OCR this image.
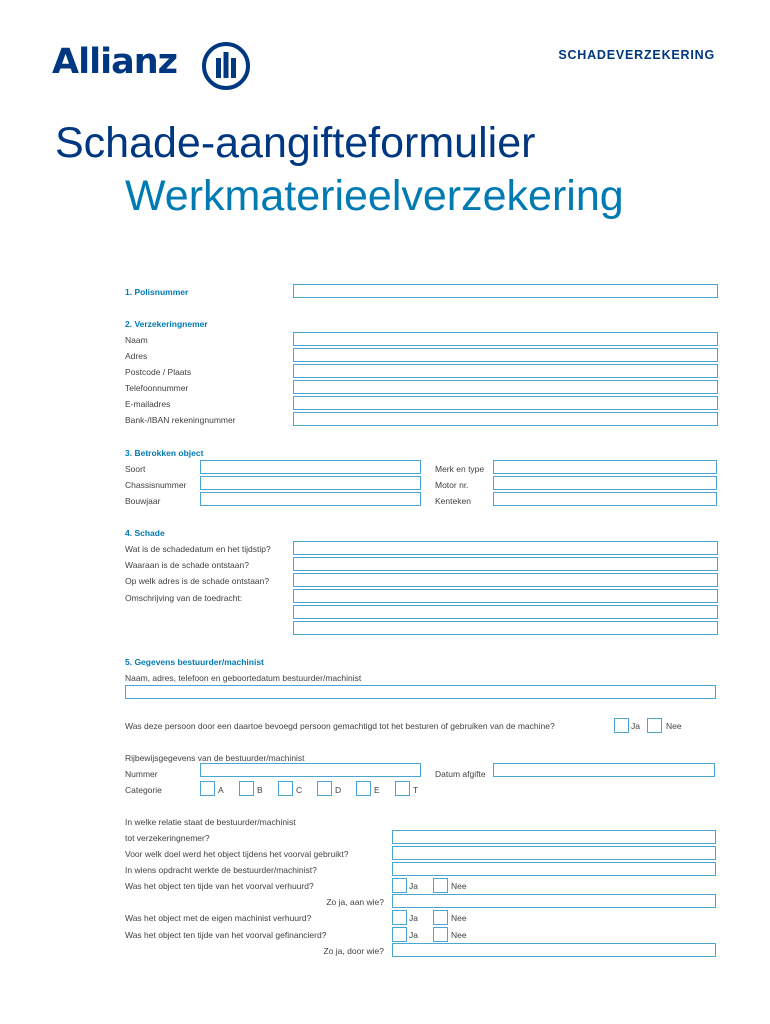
Allianz	SCHADEVERZEKERING
Schade-aangifteformulier
Werkmaterieelverzekering
1. Polisnummer
2. Verzekeringnemer
Naam
Adres
Postcode / Plaats
Telefoonnummer
E-mailadres
Bank-/IBAN rekeningnummer
3. Betrokken object
Soort	Merk en type
Chassisnummer	Motor nr.
Bouwjaar	Kenteken
4. Schade
Wat is de schadedatum en het tijdstip?
Waaraan is de schade ontstaan?
Op welk adres is de schade ontstaan?
Omschrijving van de toedracht:
5. Gegevens bestuurder/machinist
Naam, adres, telefoon en geboortedatum bestuurder/machinist
Was deze persoon door een daartoe bevoegd persoon gemachtigd tot het besturen of gebruiken van de machine?	Ja	Nee
Rijbewijsgegevens van de bestuurder/machinist
Nummer	Datum afgifte
Categorie	A	B	C	D	E	T
In welke relatie staat de bestuurder/machinist
tot verzekeringnemer?
Voor welk doel werd het object tijdens het voorval gebruikt?
In wiens opdracht werkte de bestuurder/machinist?
Was het object ten tijde van het voorval verhuurd?	Ja	Nee
Zo ja, aan wie?
Was het object met de eigen machinist verhuurd?	Ja	Nee
Was het object ten tijde van het voorval gefinancierd?	Ja	Nee
Zo ja, door wie?
